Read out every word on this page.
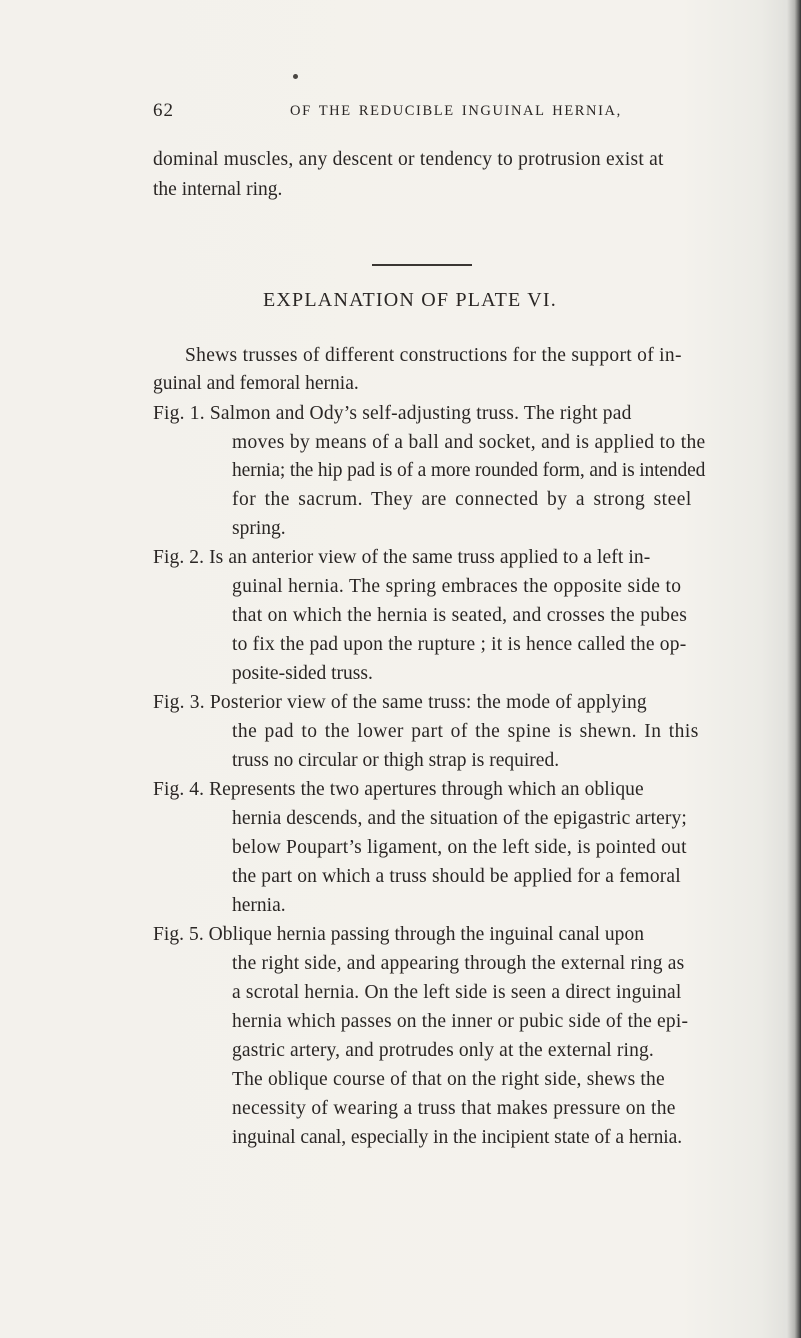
62	OF THE REDUCIBLE INGUINAL HERNIA,
dominal muscles, any descent or tendency to protrusion exist at
the internal ring.
EXPLANATION OF PLATE VI.
Shews trusses of different constructions for the support of in-
guinal and femoral hernia.
Fig. 1. Salmon and Ody’s self-adjusting truss. The right pad
moves by means of a ball and socket, and is applied to the
hernia; the hip pad is of a more rounded form, and is intended
for the sacrum. They are connected by a strong steel
spring.
Fig. 2. Is an anterior view of the same truss applied to a left in-
guinal hernia. The spring embraces the opposite side to
that on which the hernia is seated, and crosses the pubes
to fix the pad upon the rupture ; it is hence called the op-
posite-sided truss.
Fig. 3. Posterior view of the same truss: the mode of applying
the pad to the lower part of the spine is shewn. In this
truss no circular or thigh strap is required.
Fig. 4. Represents the two apertures through which an oblique
hernia descends, and the situation of the epigastric artery;
below Poupart’s ligament, on the left side, is pointed out
the part on which a truss should be applied for a femoral
hernia.
Fig. 5. Oblique hernia passing through the inguinal canal upon
the right side, and appearing through the external ring as
a scrotal hernia. On the left side is seen a direct inguinal
hernia which passes on the inner or pubic side of the epi-
gastric artery, and protrudes only at the external ring.
The oblique course of that on the right side, shews the
necessity of wearing a truss that makes pressure on the
inguinal canal, especially in the incipient state of a hernia.
